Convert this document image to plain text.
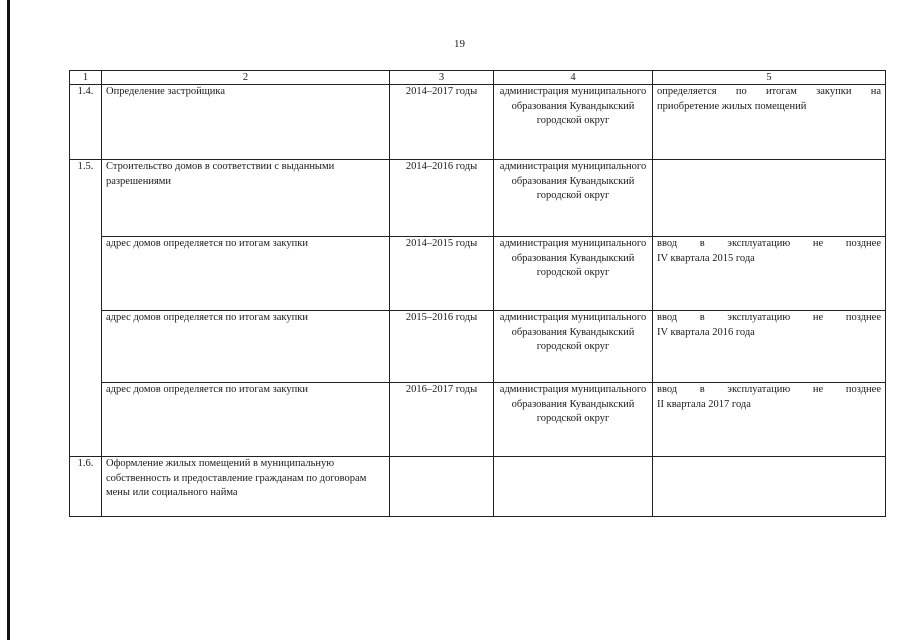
19
1	2	3	4	5
1.4.	Определение застройщика	2014–2017 годы	администрация муниципального образования Кувандыкский городской округ	определяется по итогам закупки на
приобретение жилых помещений

1.5.	Строительство домов в соответствии с выданными разрешениями	2014–2016 годы	администрация муниципального образования Кувандыкский городской округ	

	адрес домов определяется по итогам закупки	2014–2015 годы	администрация муниципального образования Кувандыкский городской округ	ввод в эксплуатацию не позднее
IV квартала 2015 года

	адрес домов определяется по итогам закупки	2015–2016 годы	администрация муниципального образования Кувандыкский городской округ	ввод в эксплуатацию не позднее
IV квартала 2016 года

	адрес домов определяется по итогам закупки	2016–2017 годы	администрация муниципального образования Кувандыкский городской округ	ввод в эксплуатацию не позднее
II квартала 2017 года

1.6.	Оформление жилых помещений в муниципальную собственность и предоставление гражданам по договорам мены или социального найма			
